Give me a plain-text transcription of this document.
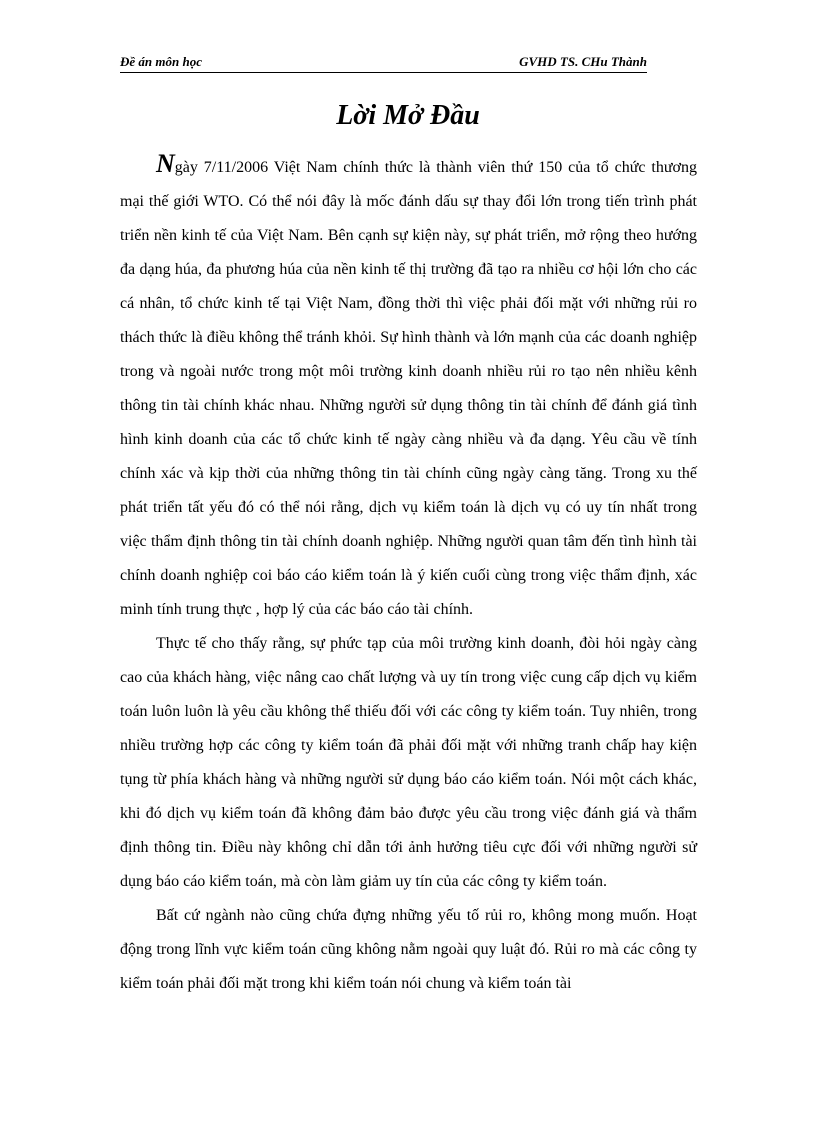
Đề án môn học	GVHD TS. CHu Thành
Lời Mở Đầu

Ngày 7/11/2006 Việt Nam chính thức là thành viên thứ 150 của tổ chức thương mại thế giới WTO. Có thể nói đây là mốc đánh dấu sự thay đổi lớn trong tiến trình phát triển nền kinh tế của Việt Nam. Bên cạnh sự kiện này, sự phát triển, mở rộng theo hướng đa dạng húa, đa phương húa của nền kinh tế thị trường đã tạo ra nhiều cơ hội lớn cho các cá nhân, tổ chức kinh tế tại Việt Nam, đồng thời thì việc phải đối mặt với những rủi ro thách thức là điều không thể tránh khỏi. Sự hình thành và lớn mạnh của các doanh nghiệp trong và ngoài nước trong một môi trường kinh doanh nhiều rủi ro tạo nên nhiều kênh thông tin tài chính khác nhau. Những người sử dụng thông tin tài chính để đánh giá tình hình kinh doanh của các tổ chức kinh tế ngày càng nhiều và đa dạng. Yêu cầu về tính chính xác và kịp thời của những thông tin tài chính cũng ngày càng tăng. Trong xu thế phát triển tất yếu đó có thể nói rằng, dịch vụ kiểm toán là dịch vụ có uy tín nhất trong việc thẩm định thông tin tài chính doanh nghiệp. Những người quan tâm đến tình hình tài chính doanh nghiệp coi báo cáo kiểm toán là ý kiến cuối cùng trong việc thẩm định, xác minh tính trung thực , hợp lý của các báo cáo tài chính.

Thực tế cho thấy rằng, sự phức tạp của môi trường kinh doanh, đòi hỏi ngày càng cao của khách hàng, việc nâng cao chất lượng và uy tín trong việc cung cấp dịch vụ kiểm toán luôn luôn là yêu cầu không thể thiếu đối với các công ty kiểm toán. Tuy nhiên, trong nhiều trường hợp các công ty kiểm toán đã phải đối mặt với những tranh chấp hay kiện tụng từ phía khách hàng và những người sử dụng báo cáo kiểm toán. Nói một cách khác, khi đó dịch vụ kiểm toán đã không đảm bảo được yêu cầu trong việc đánh giá và thẩm định thông tin. Điều này không chỉ dẫn tới ảnh hưởng tiêu cực đối với những người sử dụng báo cáo kiểm toán, mà còn làm giảm uy tín của các công ty kiểm toán.

Bất cứ ngành nào cũng chứa đựng những yếu tố rủi ro, không mong muốn. Hoạt động trong lĩnh vực kiểm toán cũng không nằm ngoài quy luật đó. Rủi ro mà các công ty kiểm toán phải đối mặt trong khi kiểm toán nói chung và kiểm toán tài
